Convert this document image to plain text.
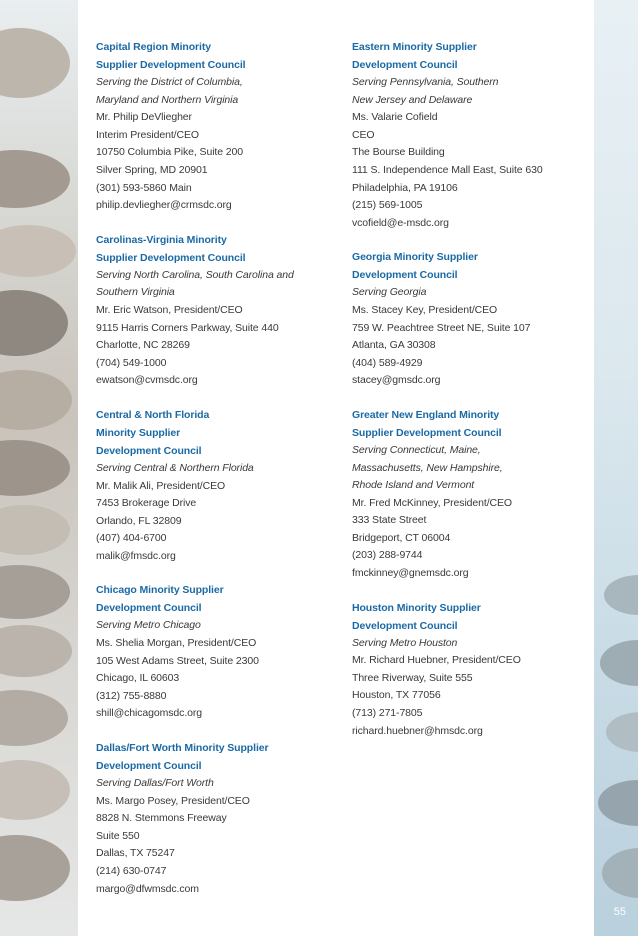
Capital Region Minority
Supplier Development Council
Serving the District of Columbia,
Maryland and Northern Virginia
Mr. Philip DeVliegher
Interim President/CEO
10750 Columbia Pike, Suite 200
Silver Spring, MD 20901
(301) 593-5860 Main
philip.devliegher@crmsdc.org
Carolinas-Virginia Minority
Supplier Development Council
Serving North Carolina, South Carolina and
Southern Virginia
Mr. Eric Watson, President/CEO
9115 Harris Corners Parkway, Suite 440
Charlotte, NC 28269
(704) 549-1000
ewatson@cvmsdc.org
Central & North Florida
Minority Supplier
Development Council
Serving Central & Northern Florida
Mr. Malik Ali, President/CEO
7453 Brokerage Drive
Orlando, FL 32809
(407) 404-6700
malik@fmsdc.org
Chicago Minority Supplier
Development Council
Serving Metro Chicago
Ms. Shelia Morgan, President/CEO
105 West Adams Street, Suite 2300
Chicago, IL 60603
(312) 755-8880
shill@chicagomsdc.org
Dallas/Fort Worth Minority Supplier
Development Council
Serving Dallas/Fort Worth
Ms. Margo Posey, President/CEO
8828 N. Stemmons Freeway
Suite 550
Dallas, TX 75247
(214) 630-0747
margo@dfwmsdc.com
Eastern Minority Supplier
Development Council
Serving Pennsylvania, Southern
New Jersey and Delaware
Ms. Valarie Cofield
CEO
The Bourse Building
111 S. Independence Mall East, Suite 630
Philadelphia, PA 19106
(215) 569-1005
vcofield@e-msdc.org
Georgia Minority Supplier
Development Council
Serving Georgia
Ms. Stacey Key, President/CEO
759 W. Peachtree Street NE, Suite 107
Atlanta, GA 30308
(404) 589-4929
stacey@gmsdc.org
Greater New England Minority
Supplier Development Council
Serving Connecticut, Maine,
Massachusetts, New Hampshire,
Rhode Island and Vermont
Mr. Fred McKinney, President/CEO
333 State Street
Bridgeport, CT 06004
(203) 288-9744
fmckinney@gnemsdc.org
Houston Minority Supplier
Development Council
Serving Metro Houston
Mr. Richard Huebner, President/CEO
Three Riverway, Suite 555
Houston, TX 77056
(713) 271-7805
richard.huebner@hmsdc.org
55
